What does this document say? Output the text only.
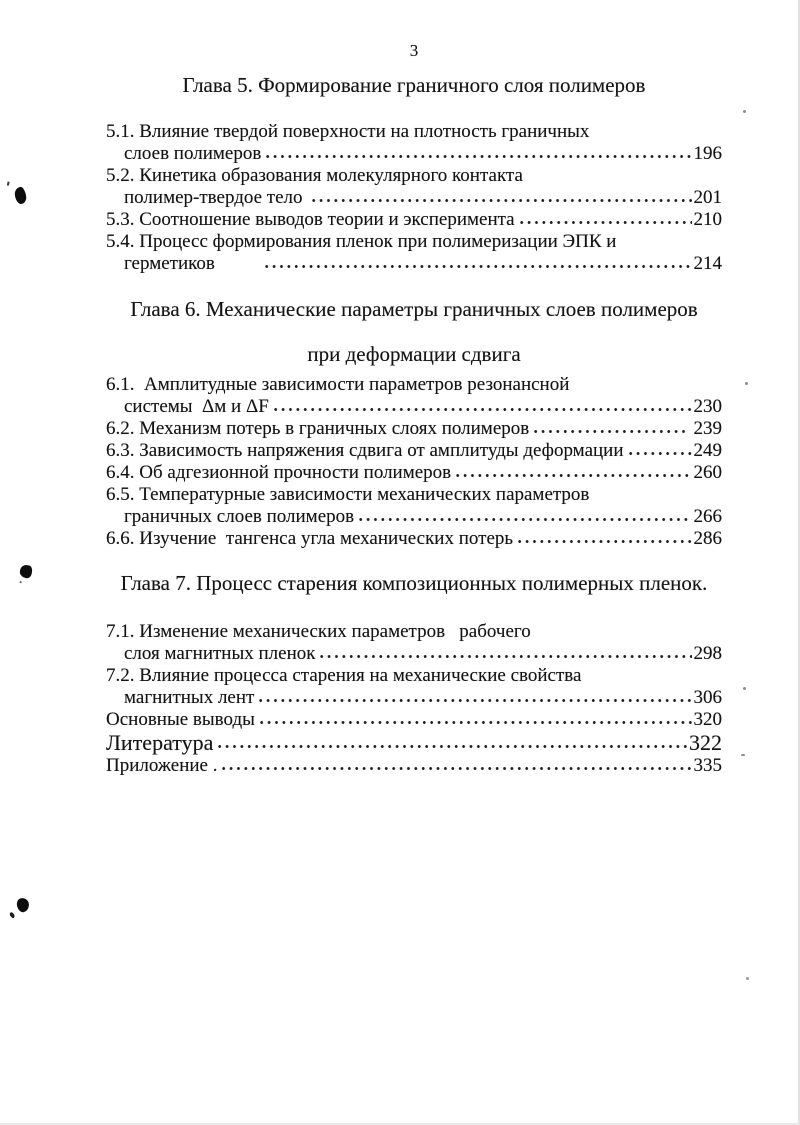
3
Глава 5. Формирование граничного слоя полимеров
5.1. Влияние твердой поверхности на плотность граничных
слоев полимеров	196
5.2. Кинетика образования молекулярного контакта
полимер-твердое тело	201
5.3. Соотношение выводов теории и эксперимента	210
5.4. Процесс формирования пленок при полимеризации ЭПК и
герметиков	214
Глава 6. Механические параметры граничных слоев полимеров
при деформации сдвига
6.1.  Амплитудные зависимости параметров резонансной
системы  Δм и ΔF	230
6.2. Механизм потерь в граничных слоях полимеров	239
6.3. Зависимость напряжения сдвига от амплитуды деформации	249
6.4. Об адгезионной прочности полимеров	260
6.5. Температурные зависимости механических параметров
граничных слоев полимеров	266
6.6. Изучение  тангенса угла механических потерь	286
Глава 7. Процесс старения композиционных полимерных пленок.
7.1. Изменение механических параметров   рабочего
слоя магнитных пленок	298
7.2. Влияние процесса старения на механические свойства
магнитных лент	306
Основные выводы	320
Литература	322
Приложение .	335
